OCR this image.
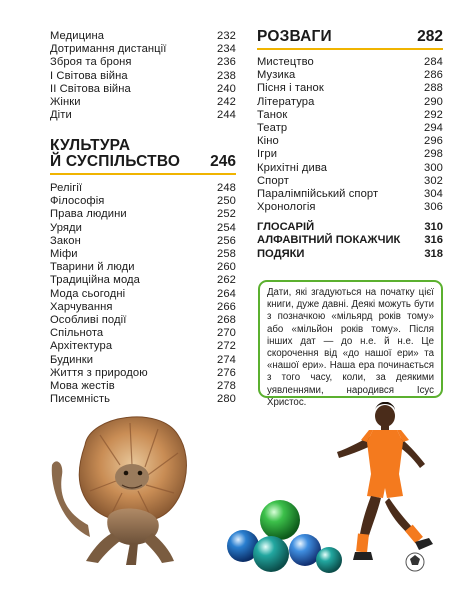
Медицина	232
Дотримання дистанції	234
Зброя та броня	236
I Світова війна	238
II Світова війна	240
Жінки	242
Діти	244
КУЛЬТУРА
Й СУСПІЛЬСТВО 246
Релігії	248
Філософія	250
Права людини	252
Уряди	254
Закон	256
Міфи	258
Тварини й люди	260
Традиційна мода	262
Мода сьогодні	264
Харчування	266
Особливі події	268
Спільнота	270
Архітектура	272
Будинки	274
Життя з природою	276
Мова жестів	278
Писемність	280
РОЗВАГИ	282
Мистецтво	284
Музика	286
Пісня і танок	288
Література	290
Танок	292
Театр	294
Кіно	296
Ігри	298
Крихітні дива	300
Спорт	302
Паралімпійський спорт	304
Хронологія	306
ГЛОСАРІЙ	310
АЛФАВІТНИЙ ПОКАЖЧИК 316
ПОДЯКИ	318
Дати, які згадуються на початку цієї книги, дуже давні. Деякі можуть бути з позначкою «мільярд років тому» або «мільйон років тому». Після інших дат — до н.е. й н.е. Це скорочення від «до нашої ери» та «нашої ери». Наша ера починається з того часу, коли, за деякими уявленнями, народився Ісус Христос.
